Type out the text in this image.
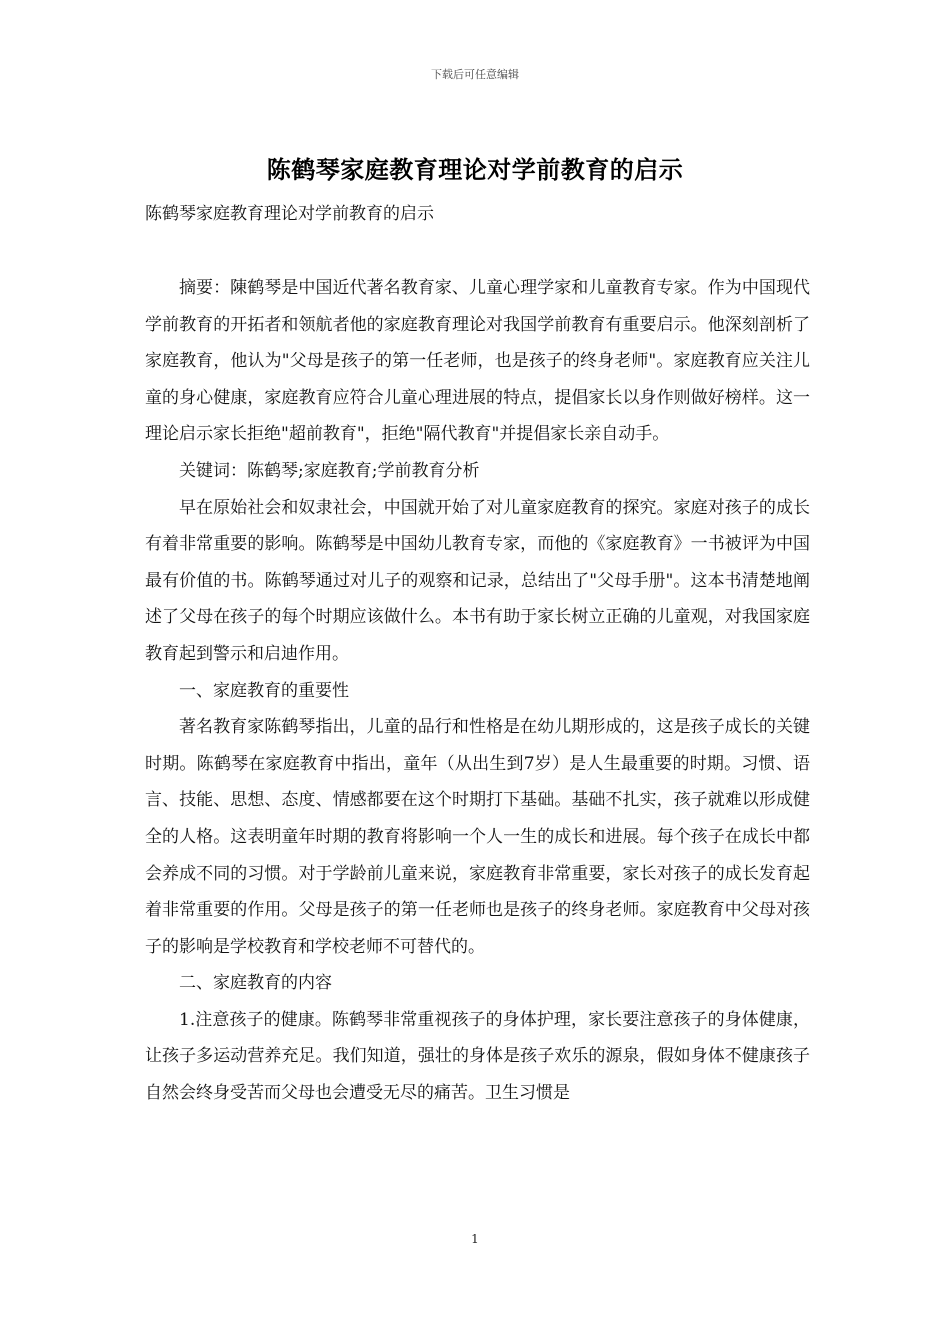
下载后可任意编辑
陈鹤琴家庭教育理论对学前教育的启示
陈鹤琴家庭教育理论对学前教育的启示

摘要：陳鹤琴是中国近代著名教育家、儿童心理学家和儿童教育专家。作为中国现代学前教育的开拓者和领航者他的家庭教育理论对我国学前教育有重要启示。他深刻剖析了家庭教育，他认为"父母是孩子的第一任老师，也是孩子的终身老师"。家庭教育应关注儿童的身心健康，家庭教育应符合儿童心理进展的特点，提倡家长以身作则做好榜样。这一理论启示家长拒绝"超前教育"，拒绝"隔代教育"并提倡家长亲自动手。

关键词：陈鹤琴;家庭教育;学前教育分析

早在原始社会和奴隶社会，中国就开始了对儿童家庭教育的探究。家庭对孩子的成长有着非常重要的影响。陈鹤琴是中国幼儿教育专家，而他的《家庭教育》一书被评为中国最有价值的书。陈鹤琴通过对儿子的观察和记录，总结出了"父母手册"。这本书清楚地阐述了父母在孩子的每个时期应该做什么。本书有助于家长树立正确的儿童观，对我国家庭教育起到警示和启迪作用。

一、家庭教育的重要性

著名教育家陈鹤琴指出，儿童的品行和性格是在幼儿期形成的，这是孩子成长的关键时期。陈鹤琴在家庭教育中指出，童年（从出生到7岁）是人生最重要的时期。习惯、语言、技能、思想、态度、情感都要在这个时期打下基础。基础不扎实，孩子就难以形成健全的人格。这表明童年时期的教育将影响一个人一生的成长和进展。每个孩子在成长中都会养成不同的习惯。对于学龄前儿童来说，家庭教育非常重要，家长对孩子的成长发育起着非常重要的作用。父母是孩子的第一任老师也是孩子的终身老师。家庭教育中父母对孩子的影响是学校教育和学校老师不可替代的。

二、家庭教育的内容

1.注意孩子的健康。陈鹤琴非常重视孩子的身体护理，家长要注意孩子的身体健康，让孩子多运动营养充足。我们知道，强壮的身体是孩子欢乐的源泉，假如身体不健康孩子自然会终身受苦而父母也会遭受无尽的痛苦。卫生习惯是

1
